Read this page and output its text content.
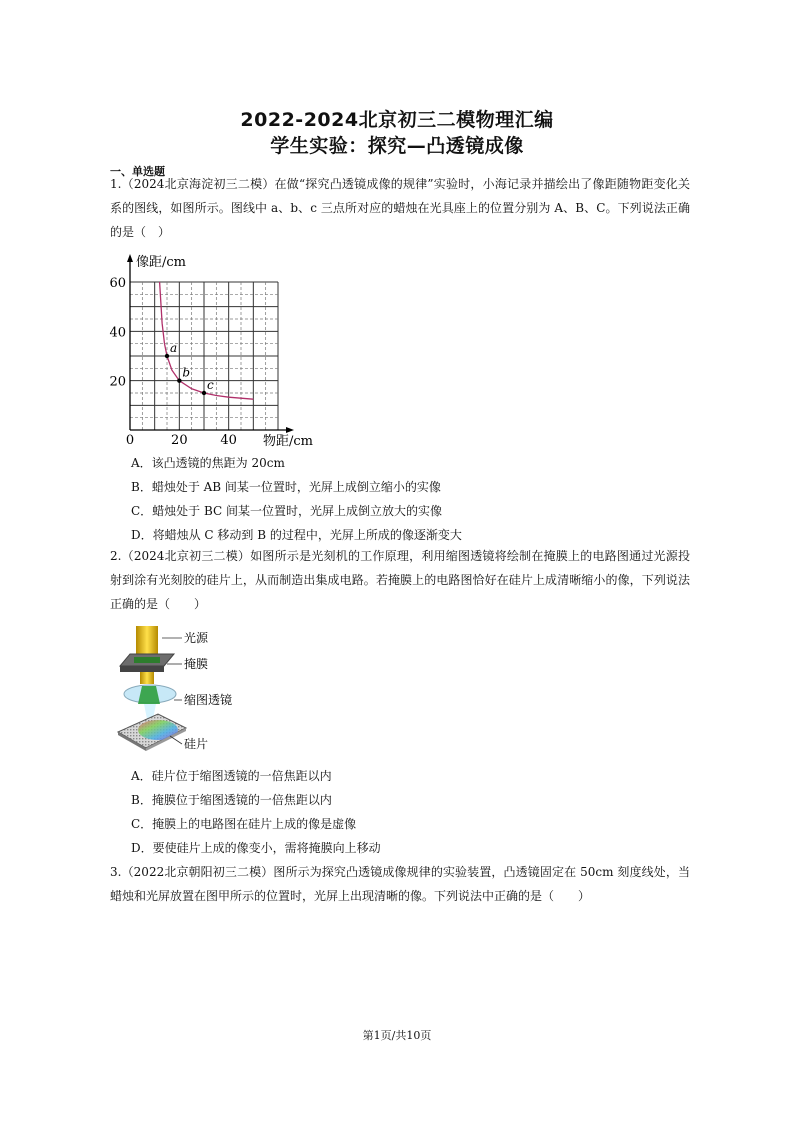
2022-2024北京初三二模物理汇编
学生实验：探究—凸透镜成像
一、单选题

1.（2024北京海淀初三二模）在做“探究凸透镜成像的规律”实验时，小海记录并描绘出了像距随物距变化关系的图线，如图所示。图线中 a、b、c 三点所对应的蜡烛在光具座上的位置分别为 A、B、C。下列说法正确的是（　）

a
b
c
0	20	40
20
40
60
像距/cm
物距/cm
A．该凸透镜的焦距为 20cm
B．蜡烛处于 AB 间某一位置时，光屏上成倒立缩小的实像
C．蜡烛处于 BC 间某一位置时，光屏上成倒立放大的实像
D．将蜡烛从 C 移动到 B 的过程中，光屏上所成的像逐渐变大

2.（2024北京初三二模）如图所示是光刻机的工作原理，利用缩图透镜将绘制在掩膜上的电路图通过光源投射到涂有光刻胶的硅片上，从而制造出集成电路。若掩膜上的电路图恰好在硅片上成清晰缩小的像，下列说法正确的是（　　）

光源
掩膜
缩图透镜
硅片
A．硅片位于缩图透镜的一倍焦距以内
B．掩膜位于缩图透镜的一倍焦距以内
C．掩膜上的电路图在硅片上成的像是虚像
D．要使硅片上成的像变小，需将掩膜向上移动

3.（2022北京朝阳初三二模）图所示为探究凸透镜成像规律的实验装置，凸透镜固定在 50cm 刻度线处，当蜡烛和光屏放置在图甲所示的位置时，光屏上出现清晰的像。下列说法中正确的是（　　）

第1页/共10页
